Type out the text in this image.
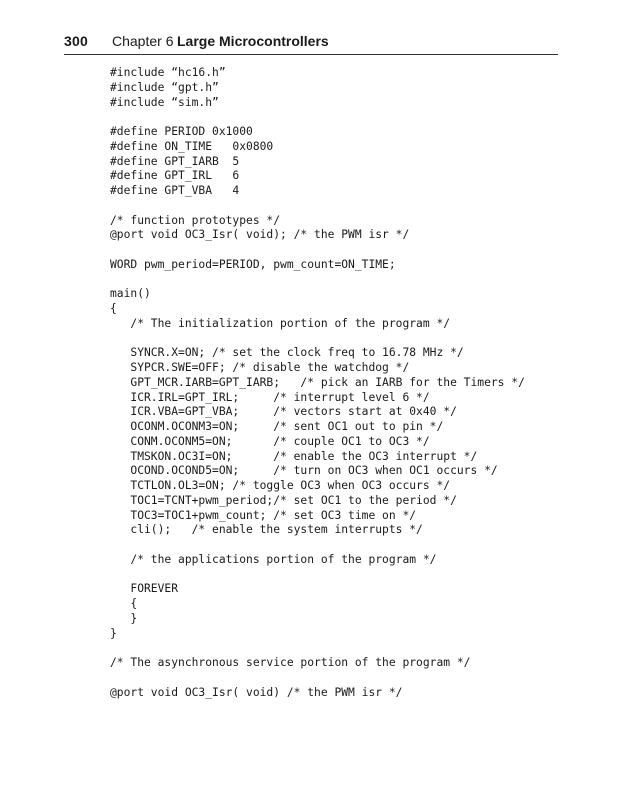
300 Chapter 6 Large Microcontrollers
#include “hc16.h”
#include “gpt.h”
#include “sim.h”
#define PERIOD 0x1000
#define ON_TIME   0x0800
#define GPT_IARB  5
#define GPT_IRL   6
#define GPT_VBA   4
/* function prototypes */
@port void OC3_Isr( void); /* the PWM isr */
WORD pwm_period=PERIOD, pwm_count=ON_TIME;
main()
{
/* The initialization portion of the program */
SYNCR.X=ON; /* set the clock freq to 16.78 MHz */
SYPCR.SWE=OFF; /* disable the watchdog */
GPT_MCR.IARB=GPT_IARB;   /* pick an IARB for the Timers */
ICR.IRL=GPT_IRL;     /* interrupt level 6 */
ICR.VBA=GPT_VBA;     /* vectors start at 0x40 */
OCONM.OCONM3=ON;     /* sent OC1 out to pin */
CONM.OCONM5=ON;      /* couple OC1 to OC3 */
TMSKON.OC3I=ON;      /* enable the OC3 interrupt */
OCOND.OCOND5=ON;     /* turn on OC3 when OC1 occurs */
TCTLON.OL3=ON; /* toggle OC3 when OC3 occurs */
TOC1=TCNT+pwm_period;/* set OC1 to the period */
TOC3=TOC1+pwm_count; /* set OC3 time on */
cli();   /* enable the system interrupts */
/* the applications portion of the program */
FOREVER
{
}
}
/* The asynchronous service portion of the program */
@port void OC3_Isr( void) /* the PWM isr */
